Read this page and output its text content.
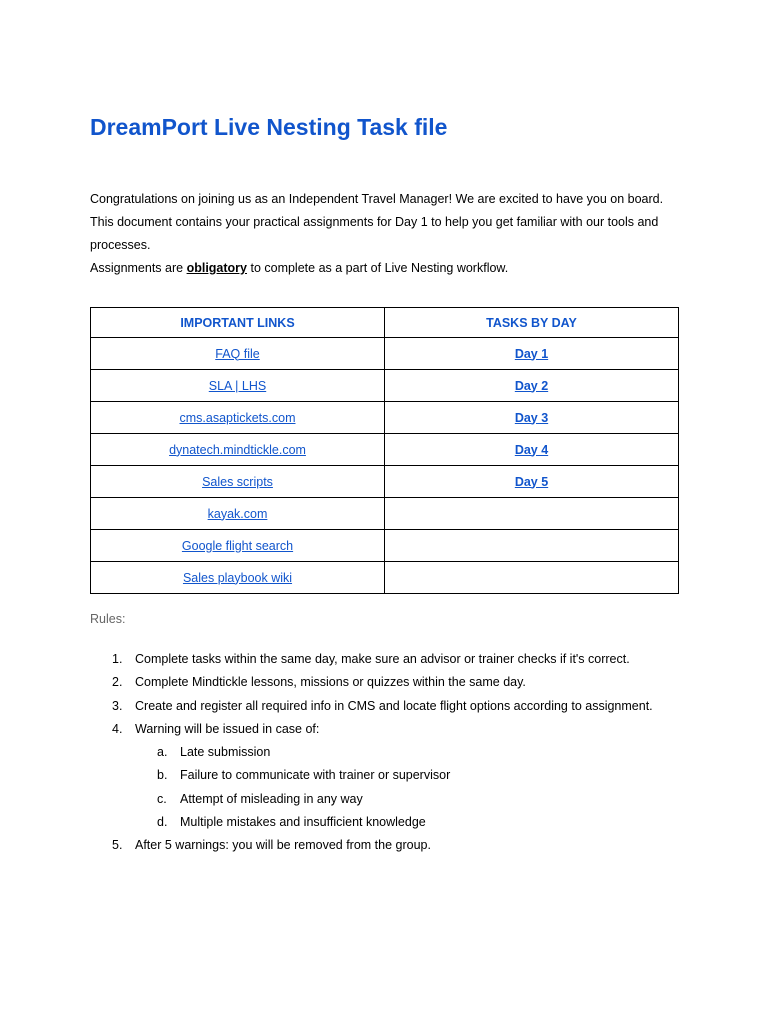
DreamPort Live Nesting Task file

Congratulations on joining us as an Independent Travel Manager! We are excited to have you on board. This document contains your practical assignments for Day 1 to help you get familiar with our tools and processes.

Assignments are obligatory to complete as a part of Live Nesting workflow.

IMPORTANT LINKS	TASKS BY DAY
FAQ file	Day 1
SLA | LHS	Day 2
cms.asaptickets.com	Day 3
dynatech.mindtickle.com	Day 4
Sales scripts	Day 5
kayak.com	
Google flight search	
Sales playbook wiki	
Rules:
1. Complete tasks within the same day, make sure an advisor or trainer checks if it's correct.
2. Complete Mindtickle lessons, missions or quizzes within the same day.
3. Create and register all required info in CMS and locate flight options according to assignment.
4. Warning will be issued in case of:
a. Late submission
b. Failure to communicate with trainer or supervisor
c. Attempt of misleading in any way
d. Multiple mistakes and insufficient knowledge
5. After 5 warnings: you will be removed from the group.
